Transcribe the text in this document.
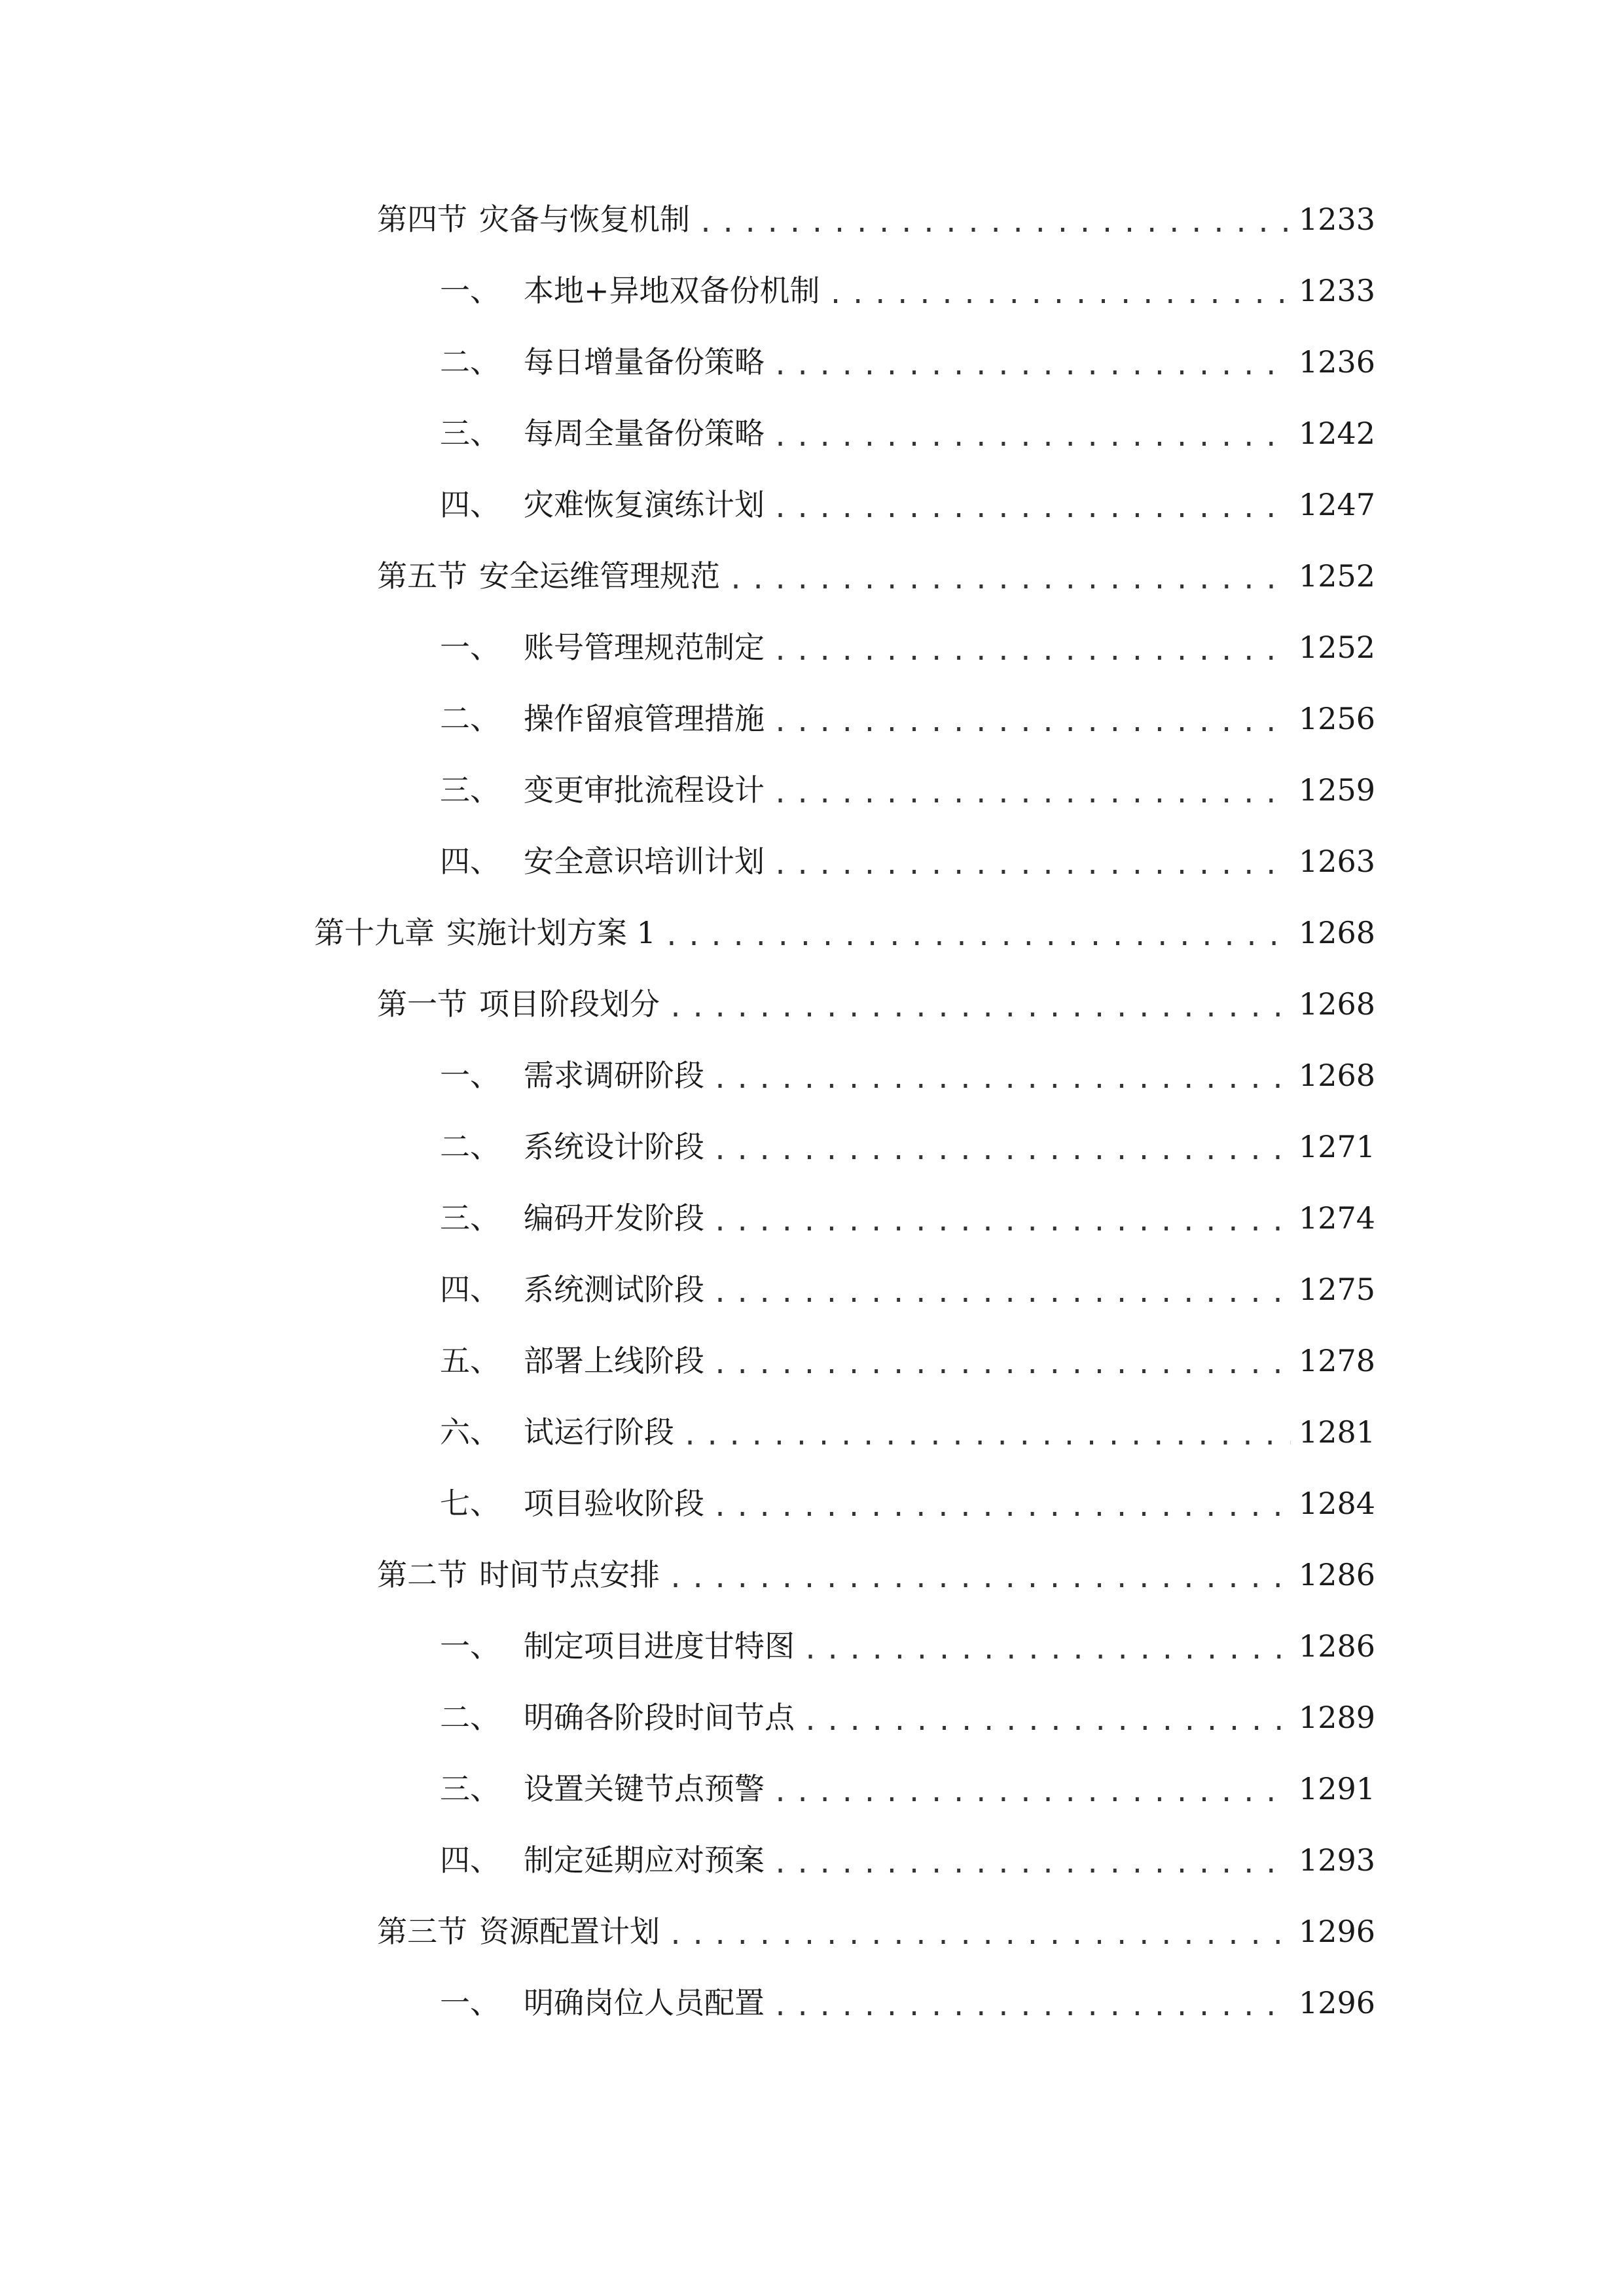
第四节 灾备与恢复机制 .....	1233
一、 本地+异地双备份机制 .....	1233
二、 每日增量备份策略 .....	1236
三、 每周全量备份策略 .....	1242
四、 灾难恢复演练计划 .....	1247
第五节 安全运维管理规范 .....	1252
一、 账号管理规范制定 .....	1252
二、 操作留痕管理措施 .....	1256
三、 变更审批流程设计 .....	1259
四、 安全意识培训计划 .....	1263
第十九章 实施计划方案 1 .....	1268
第一节 项目阶段划分 .....	1268
一、 需求调研阶段 .....	1268
二、 系统设计阶段 .....	1271
三、 编码开发阶段 .....	1274
四、 系统测试阶段 .....	1275
五、 部署上线阶段 .....	1278
六、 试运行阶段 .....	1281
七、 项目验收阶段 .....	1284
第二节 时间节点安排 .....	1286
一、 制定项目进度甘特图 .....	1286
二、 明确各阶段时间节点 .....	1289
三、 设置关键节点预警 .....	1291
四、 制定延期应对预案 .....	1293
第三节 资源配置计划 .....	1296
一、 明确岗位人员配置 .....	1296
